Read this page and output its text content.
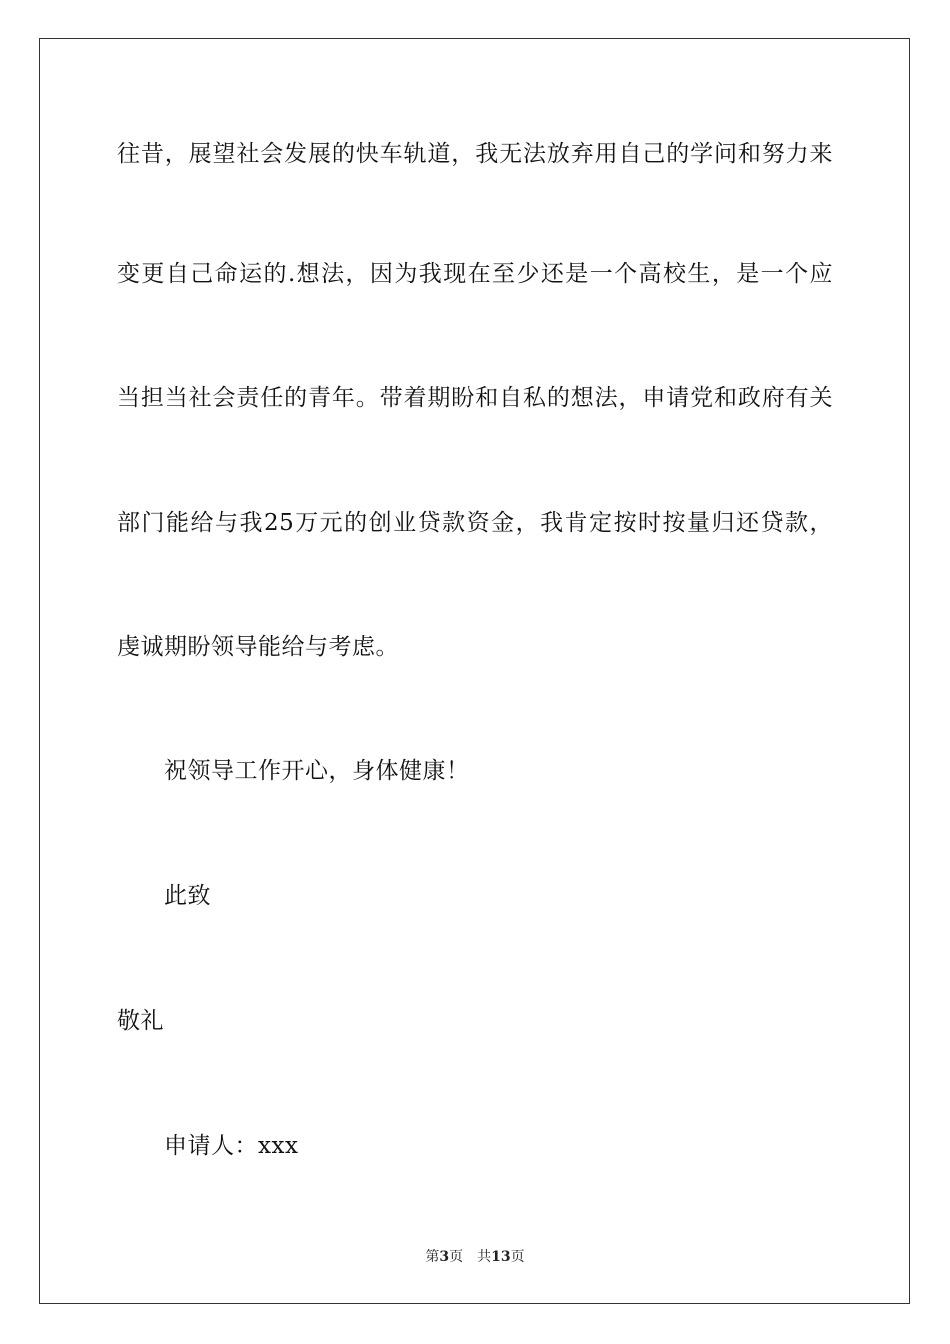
往昔，展望社会发展的快车轨道，我无法放弃用自己的学问和努力来
变更自己命运的.想法，因为我现在至少还是一个高校生，是一个应
当担当社会责任的青年。带着期盼和自私的想法，申请党和政府有关
部门能给与我25万元的创业贷款资金，我肯定按时按量归还贷款，
虔诚期盼领导能给与考虑。
祝领导工作开心，身体健康！
此致
敬礼
申请人：xxx
第3页 共13页
